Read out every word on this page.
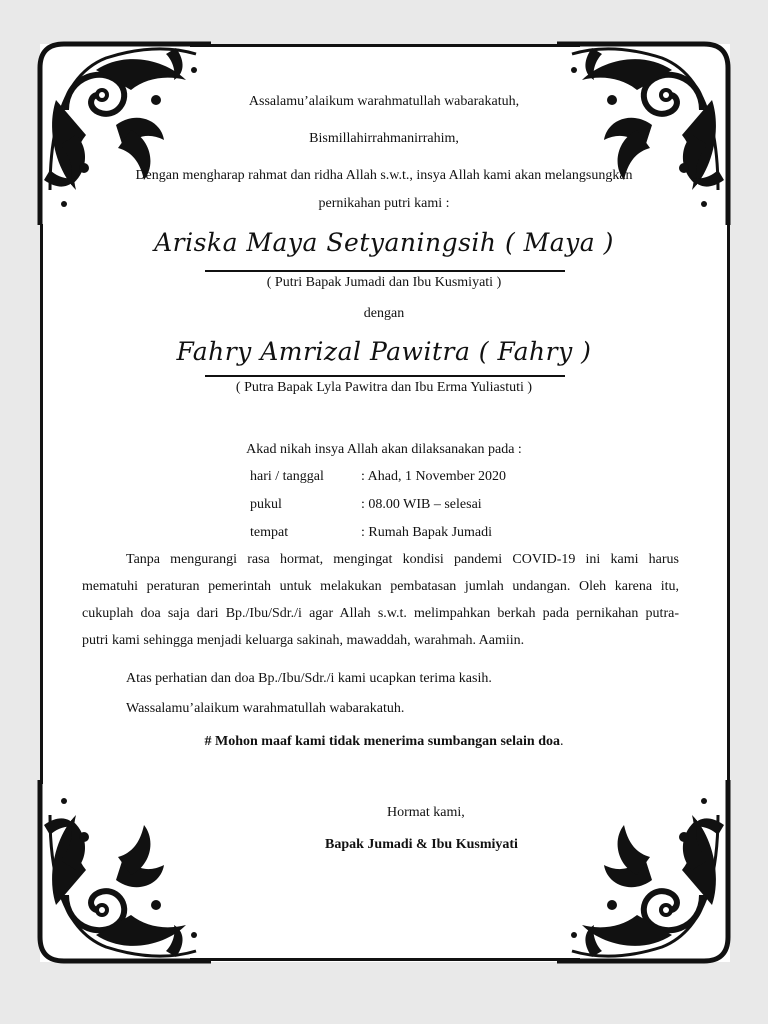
Assalamu’alaikum warahmatullah wabarakatuh,
Bismillahirrahmanirrahim,
Dengan mengharap rahmat dan ridha Allah s.w.t., insya Allah kami akan melangsungkan
pernikahan putri kami :
Ariska Maya Setyaningsih ( Maya )
( Putri Bapak Jumadi dan Ibu Kusmiyati )
dengan
Fahry Amrizal Pawitra ( Fahry )
( Putra Bapak Lyla Pawitra dan Ibu Erma Yuliastuti )
Akad nikah insya Allah akan dilaksanakan pada :
hari / tanggal	: Ahad, 1 November 2020
pukul	: 08.00 WIB – selesai
tempat	: Rumah Bapak Jumadi
Tanpa mengurangi rasa hormat, mengingat kondisi pandemi COVID-19 ini kami harus
mematuhi peraturan pemerintah untuk melakukan pembatasan jumlah undangan. Oleh karena itu,
cukuplah doa saja dari Bp./Ibu/Sdr./i agar Allah s.w.t. melimpahkan berkah pada pernikahan putra-
putri kami sehingga menjadi keluarga sakinah, mawaddah, warahmah. Aamiin.
Atas perhatian dan doa Bp./Ibu/Sdr./i kami ucapkan terima kasih.
Wassalamu’alaikum warahmatullah wabarakatuh.
# Mohon maaf kami tidak menerima sumbangan selain doa.
Hormat kami,
Bapak Jumadi & Ibu Kusmiyati
